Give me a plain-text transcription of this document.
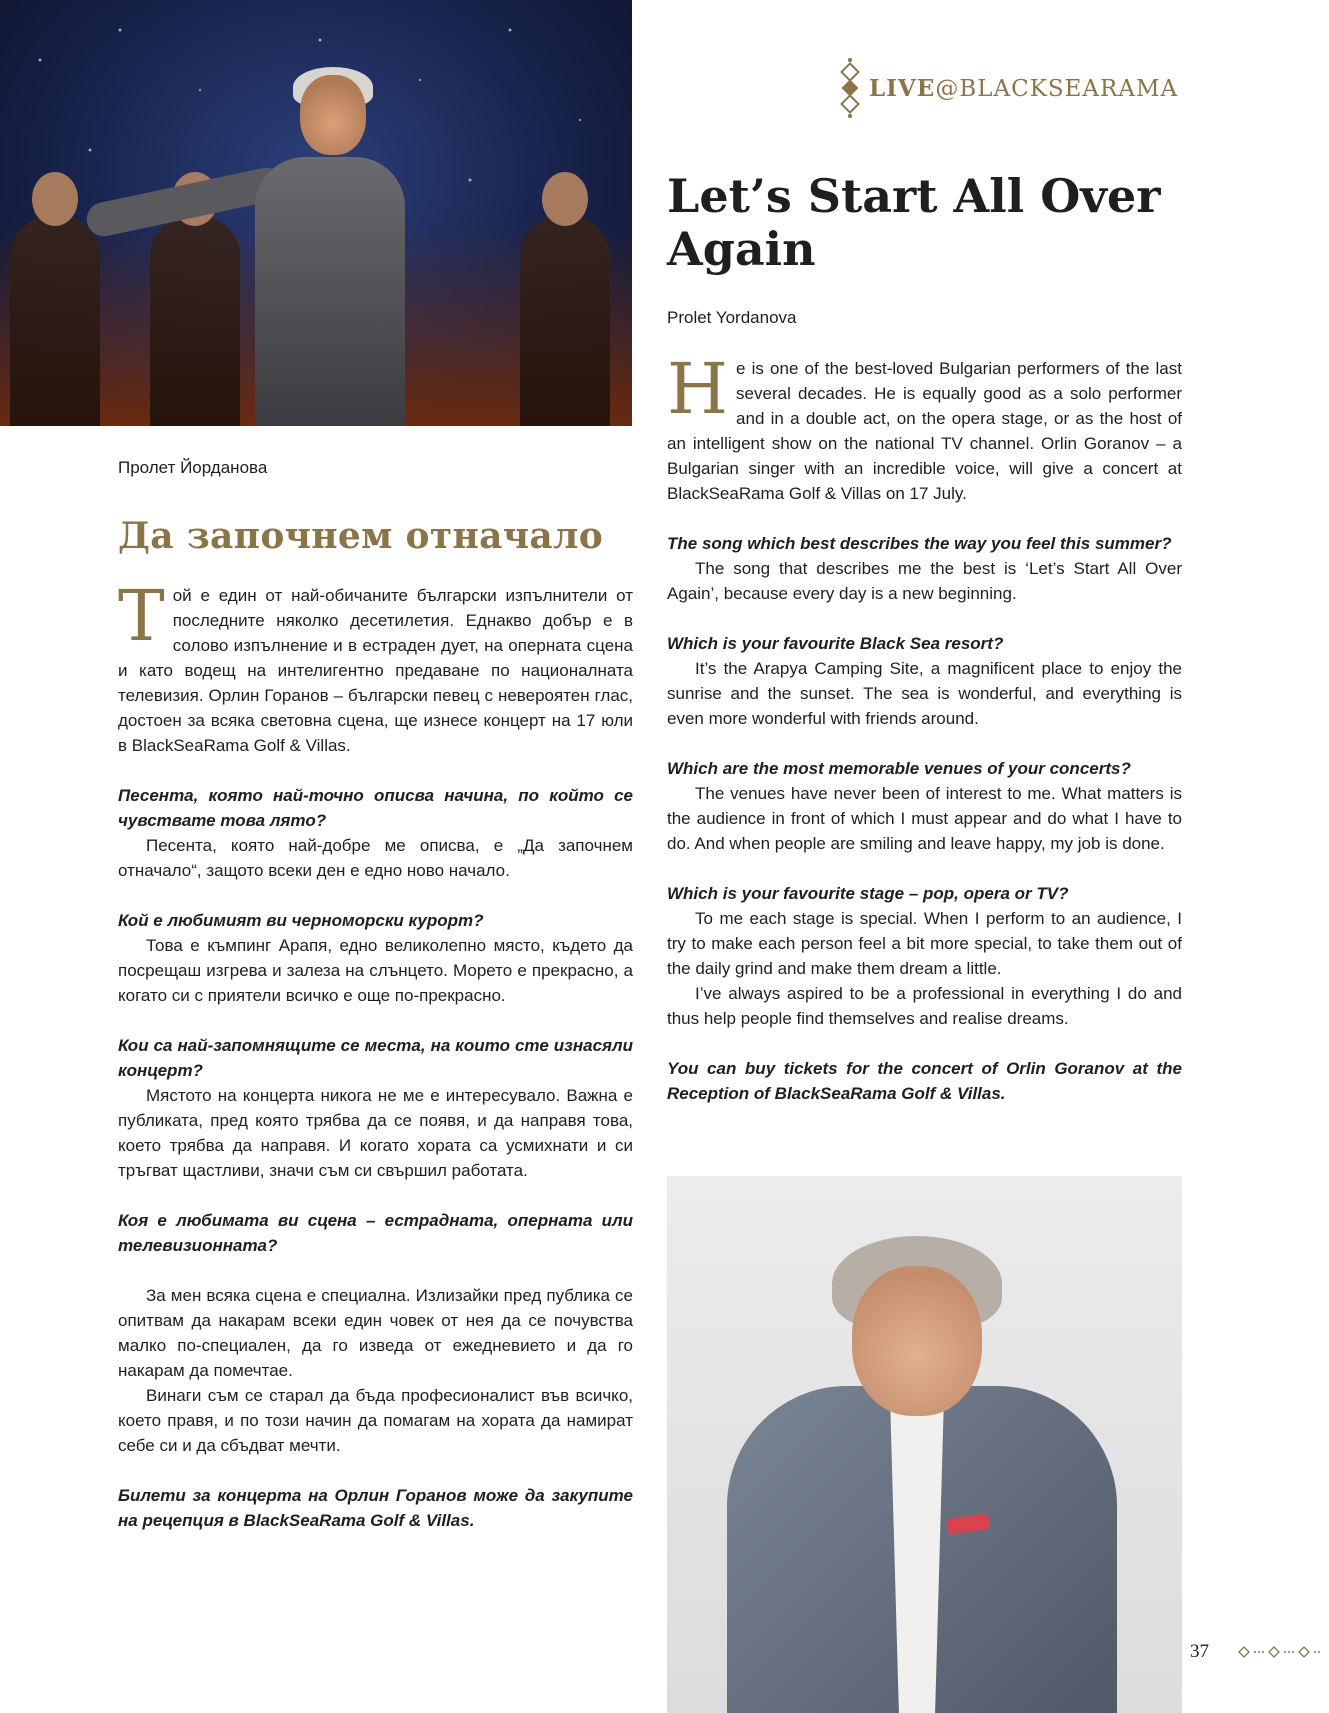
LIVE@BLACKSEARAMA
Let’s Start All Over Again
Prolet Yordanova
Пролет Йорданова
Да започнем отначало

Той е един от най-обичаните български изпълнители от последните няколко десетилетия. Еднакво добър е в солово изпълнение и в естраден дует, на оперната сцена и като водещ на интелигентно предаване по националната телевизия. Орлин Горанов – български певец с невероятен глас, достоен за всяка световна сцена, ще изнесе концерт на 17 юли в BlackSeaRama Golf & Villas.

Песента, която най-точно описва начина, по който се чувствате това лято?

Песента, която най-добре ме описва, е „Да започнем отначало“, защото всеки ден е едно ново начало.

Кой е любимият ви черноморски курорт?

Това е къмпинг Арапя, едно великолепно място, където да посрещаш изгрева и залеза на слънцето. Морето е прекрасно, а когато си с приятели всичко е още по-прекрасно.

Кои са най-запомнящите се места, на които сте изнасяли концерт?

Мястото на концерта никога не ме е интересувало. Важна е публиката, пред която трябва да се появя, и да направя това, което трябва да направя. И когато хората са усмихнати и си тръгват щастливи, значи съм си свършил работата.

Коя е любимата ви сцена – естрадната, оперната или телевизионната?

За мен всяка сцена е специална. Излизайки пред публика се опитвам да накарам всеки един човек от нея да се почувства малко по-специален, да го изведа от ежедневието и да го накарам да помечтае.

Винаги съм се старал да бъда професионалист във всичко, което правя, и по този начин да помагам на хората да намират себе си и да сбъдват мечти.

Билети за концерта на Орлин Горанов може да закупите на рецепция в BlackSeaRama Golf & Villas.

He is one of the best-loved Bulgarian performers of the last several decades. He is equally good as a solo performer and in a double act, on the opera stage, or as the host of an intelligent show on the national TV channel. Orlin Goranov – a Bulgarian singer with an incredible voice, will give a concert at BlackSeaRama Golf & Villas on 17 July.

The song which best describes the way you feel this summer?

The song that describes me the best is ‘Let’s Start All Over Again’, because every day is a new beginning.

Which is your favourite Black Sea resort?

It’s the Arapya Camping Site, a magnificent place to enjoy the sunrise and the sunset. The sea is wonderful, and everything is even more wonderful with friends around.

Which are the most memorable venues of your concerts?

The venues have never been of interest to me. What matters is the audience in front of which I must appear and do what I have to do. And when people are smiling and leave happy, my job is done.

Which is your favourite stage – pop, opera or TV?

To me each stage is special. When I perform to an audience, I try to make each person feel a bit more special, to take them out of the daily grind and make them dream a little.

I’ve always aspired to be a professional in everything I do and thus help people find themselves and realise dreams.

You can buy tickets for the concert of Orlin Goranov at the Reception of BlackSeaRama Golf & Villas.

37
